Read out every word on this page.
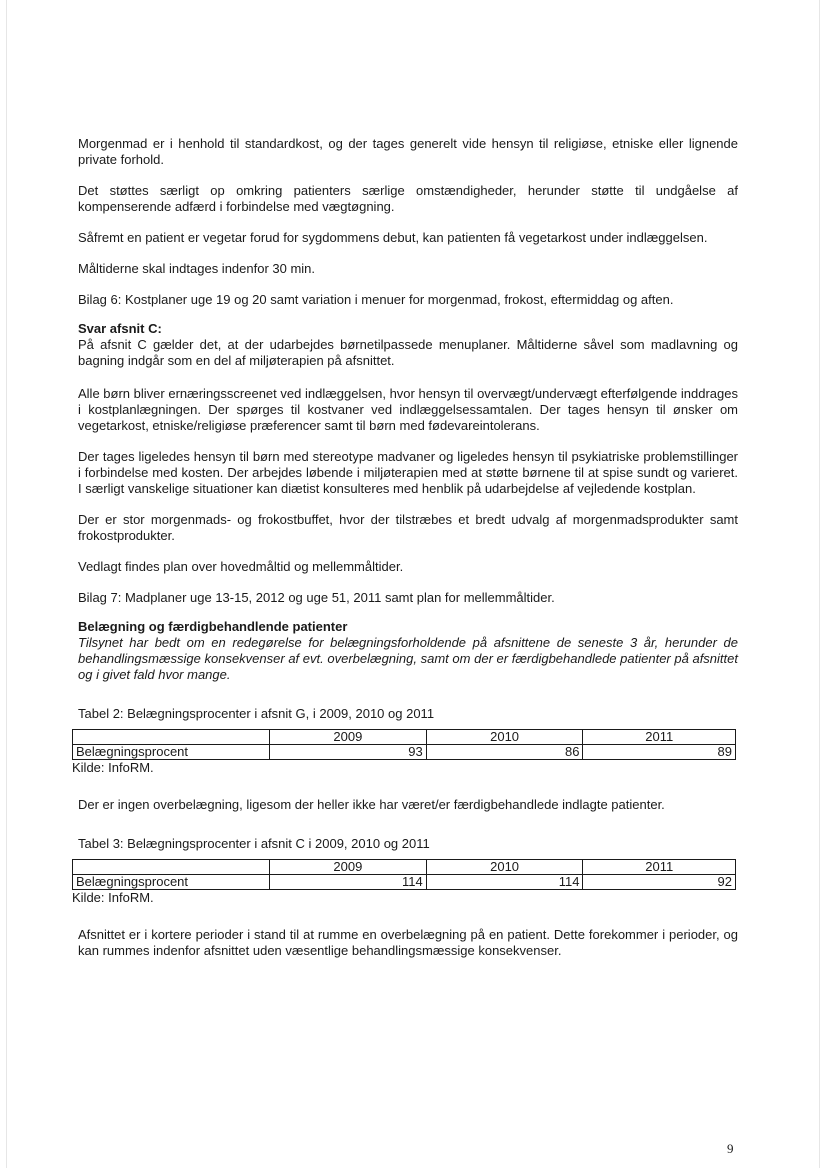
Morgenmad er i henhold til standardkost, og der tages generelt vide hensyn til religiøse, etniske eller lignende private forhold.

Det støttes særligt op omkring patienters særlige omstændigheder, herunder støtte til undgåelse af kompenserende adfærd i forbindelse med vægtøgning.

Såfremt en patient er vegetar forud for sygdommens debut, kan patienten få vegetarkost under indlæggelsen.

Måltiderne skal indtages indenfor 30 min.

Bilag 6: Kostplaner uge 19 og 20 samt variation i menuer for morgenmad, frokost, eftermiddag og aften.

Svar afsnit C:

På afsnit C gælder det, at der udarbejdes børnetilpassede menuplaner. Måltiderne såvel som madlavning og bagning indgår som en del af miljøterapien på afsnittet.

Alle børn bliver ernæringsscreenet ved indlæggelsen, hvor hensyn til overvægt/undervægt efterfølgende inddrages i kostplanlægningen. Der spørges til kostvaner ved indlæggelsessamtalen. Der tages hensyn til ønsker om vegetarkost, etniske/religiøse præferencer samt til børn med fødevareintolerans.

Der tages ligeledes hensyn til børn med stereotype madvaner og ligeledes hensyn til psykiatriske problemstillinger i forbindelse med kosten. Der arbejdes løbende i miljøterapien med at støtte børnene til at spise sundt og varieret. I særligt vanskelige situationer kan diætist konsulteres med henblik på udarbejdelse af vejledende kostplan.

Der er stor morgenmads- og frokostbuffet, hvor der tilstræbes et bredt udvalg af morgenmadsprodukter samt frokostprodukter.

Vedlagt findes plan over hovedmåltid og mellemmåltider.

Bilag 7: Madplaner uge 13-15, 2012 og uge 51, 2011 samt plan for mellemmåltider.

Belægning og færdigbehandlende patienter
Tilsynet har bedt om en redegørelse for belægningsforholdende på afsnittene de seneste 3 år, herunder de behandlingsmæssige konsekvenser af evt. overbelægning, samt om der er færdigbehandlede patienter på afsnittet og i givet fald hvor mange.
Tabel 2: Belægningsprocenter i afsnit G, i 2009, 2010 og 2011
	2009	2010	2011
Belægningsprocent	93	86	89
Kilde: InfoRM.

Der er ingen overbelægning, ligesom der heller ikke har været/er færdigbehandlede indlagte patienter.

Tabel 3: Belægningsprocenter i afsnit C i 2009, 2010 og 2011
	2009	2010	2011
Belægningsprocent	114	114	92
Kilde: InfoRM.

Afsnittet er i kortere perioder i stand til at rumme en overbelægning på en patient. Dette forekommer i perioder, og kan rummes indenfor afsnittet uden væsentlige behandlingsmæssige konsekvenser.

9
